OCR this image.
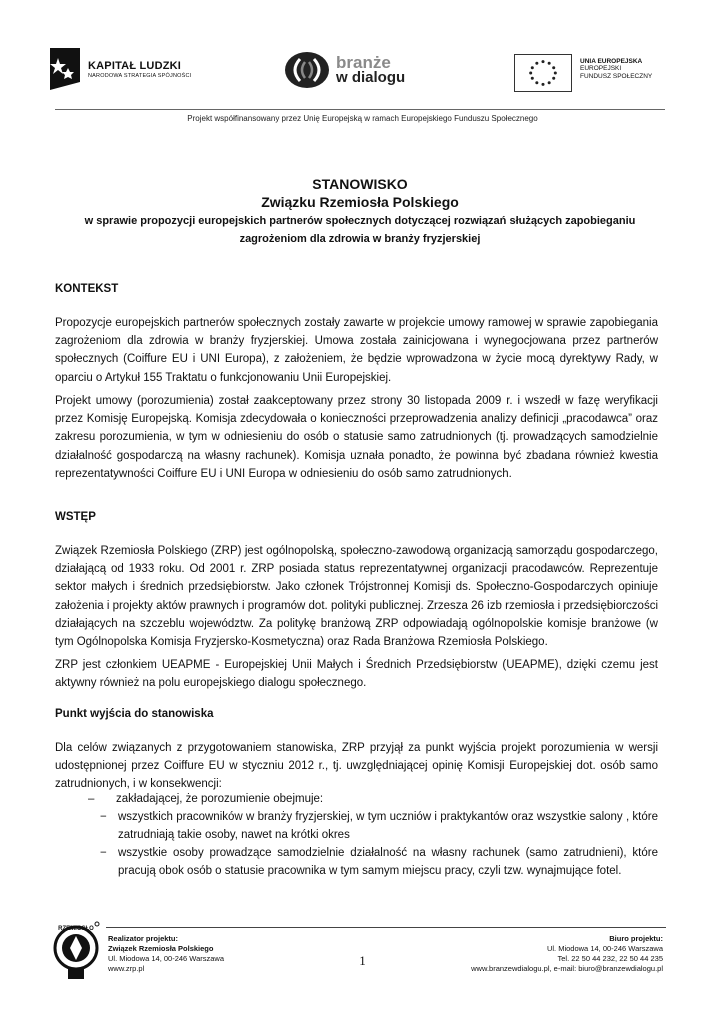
KAPITAŁ LUDZKI
NARODOWA STRATEGIA SPÓJNOŚCI
branże
w dialogu
UNIA EUROPEJSKA
EUROPEJSKI
FUNDUSZ SPOŁECZNY
Projekt współfinansowany przez Unię Europejską w ramach Europejskiego Funduszu Społecznego
STANOWISKO
Związku Rzemiosła Polskiego
w sprawie propozycji europejskich partnerów społecznych dotyczącej rozwiązań służących zapobieganiu
zagrożeniom dla zdrowia w branży fryzjerskiej
KONTEKST

Propozycje europejskich partnerów społecznych zostały zawarte w projekcie umowy ramowej w sprawie zapobiegania zagrożeniom dla zdrowia w branży fryzjerskiej. Umowa została zainicjowana i wynegocjowana przez partnerów społecznych (Coiffure EU i UNI Europa), z założeniem, że będzie wprowadzona w życie mocą dyrektywy Rady, w oparciu o Artykuł 155 Traktatu o funkcjonowaniu Unii Europejskiej.

Projekt umowy (porozumienia) został zaakceptowany przez strony 30 listopada 2009 r. i wszedł w fazę weryfikacji przez Komisję Europejską. Komisja zdecydowała o konieczności przeprowadzenia analizy definicji „pracodawca” oraz zakresu porozumienia, w tym w odniesieniu do osób o statusie samo zatrudnionych (tj. prowadzących samodzielnie działalność gospodarczą na własny rachunek). Komisja uznała ponadto, że powinna być zbadana również kwestia reprezentatywności Coiffure EU i UNI Europa w odniesieniu do osób samo zatrudnionych.

WSTĘP

Związek Rzemiosła Polskiego (ZRP) jest ogólnopolską, społeczno-zawodową organizacją samorządu gospodarczego, działającą od 1933 roku. Od 2001 r. ZRP posiada status reprezentatywnej organizacji pracodawców. Reprezentuje sektor małych i średnich przedsiębiorstw. Jako członek Trójstronnej Komisji ds. Społeczno-Gospodarczych opiniuje założenia i projekty aktów prawnych i programów dot. polityki publicznej. Zrzesza 26 izb rzemiosła i przedsiębiorczości działających na szczeblu województw. Za politykę branżową ZRP odpowiadają ogólnopolskie komisje branżowe (w tym Ogólnopolska Komisja Fryzjersko-Kosmetyczna) oraz Rada Branżowa Rzemiosła Polskiego.

ZRP jest członkiem UEAPME - Europejskiej Unii Małych i Średnich Przedsiębiorstw (UEAPME), dzięki czemu jest aktywny również na polu europejskiego dialogu społecznego.

Punkt wyjścia do stanowiska

Dla celów związanych z przygotowaniem stanowiska, ZRP przyjął za punkt wyjścia projekt porozumienia w wersji udostępnionej przez Coiffure EU w styczniu 2012 r., tj. uwzględniającej opinię Komisji Europejskiej dot. osób samo zatrudnionych, i w konsekwencji:

– zakładającej, że porozumienie obejmuje:
− wszystkich pracowników w branży fryzjerskiej, w tym uczniów i praktykantów oraz wszystkie salony , które zatrudniają takie osoby, nawet na krótki okres
− wszystkie osoby prowadzące samodzielnie działalność na własny rachunek (samo zatrudnieni), które pracują obok osób o statusie pracownika w tym samym miejscu pracy, czyli tzw. wynajmujące fotel.
RZEMIOSŁO
Realizator projektu:
Związek Rzemiosła Polskiego
Ul. Miodowa 14, 00-246 Warszawa
www.zrp.pl
1
Biuro projektu:
Ul. Miodowa 14, 00-246 Warszawa
Tel. 22 50 44 232, 22 50 44 235
www.branzewdialogu.pl, e-mail: biuro@branzewdialogu.pl
